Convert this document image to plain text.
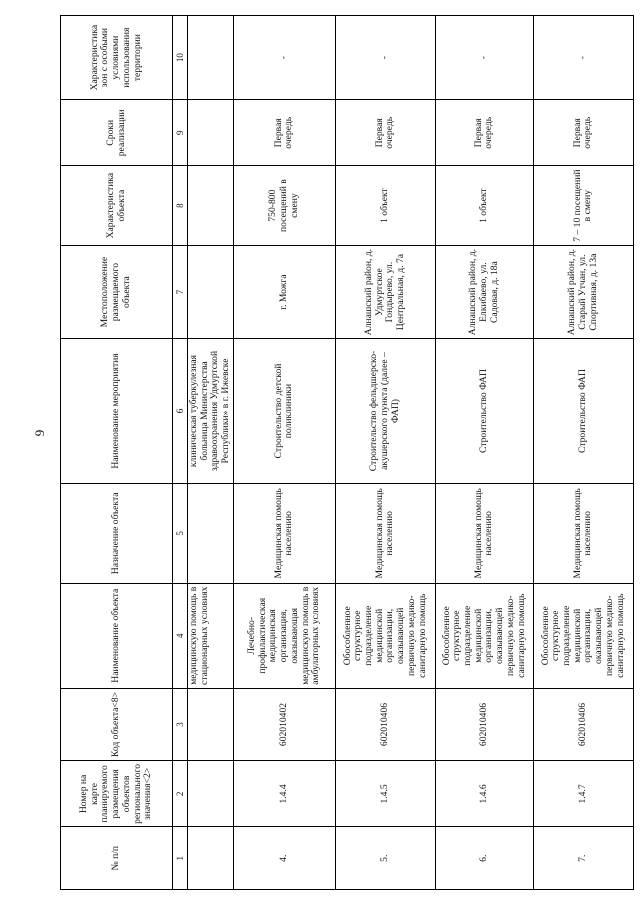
9
№ п/п	Номер на карте планируемого размещения объектов регионального значения<2>	Код объекта<8>	Наименование объекта	Назначение объекта	Наименование мероприятия	Местоположение размещаемого объекта	Характеристика объекта	Сроки реализации	Характеристика зон с особыми условиями использования территории
1	2	3	4	5	6	7	8	9	10
			медицинскую помощь в стационарных условиях		клиническая туберкулезная больница Министерства здравоохранения Удмуртской Республики» в г. Ижевске				
4.	1.4.4	602010402	Лечебно-профилактическая медицинская организация, оказывающая медицинскую помощь в амбулаторных условиях	Медицинская помощь населению	Строительство детской поликлиники	г. Можга	750-800 посещений в смену	Первая очередь	-
5.	1.4.5	602010406	Обособленное структурное подразделение медицинской организации, оказывающей первичную медико-санитарную помощь	Медицинская помощь населению	Строительство фельдшерско-акушерского пункта (далее – ФАП)	Алнашский район, д. Удмуртское Гондырево, ул. Центральная, д. 7а	1 объект	Первая очередь	-
6.	1.4.6	602010406	Обособленное структурное подразделение медицинской организации, оказывающей первичную медико-санитарную помощь	Медицинская помощь населению	Строительство ФАП	Алнашский район, д. Елкибаево, ул. Садовая, д. 18а	1 объект	Первая очередь	-
7.	1.4.7	602010406	Обособленное структурное подразделение медицинской организации, оказывающей первичную медико-санитарную помощь	Медицинская помощь населению	Строительство ФАП	Алнашский район, д. Старый Утчан, ул. Спортивная, д. 13а	7 – 10 посещений в смену	Первая очередь	-
